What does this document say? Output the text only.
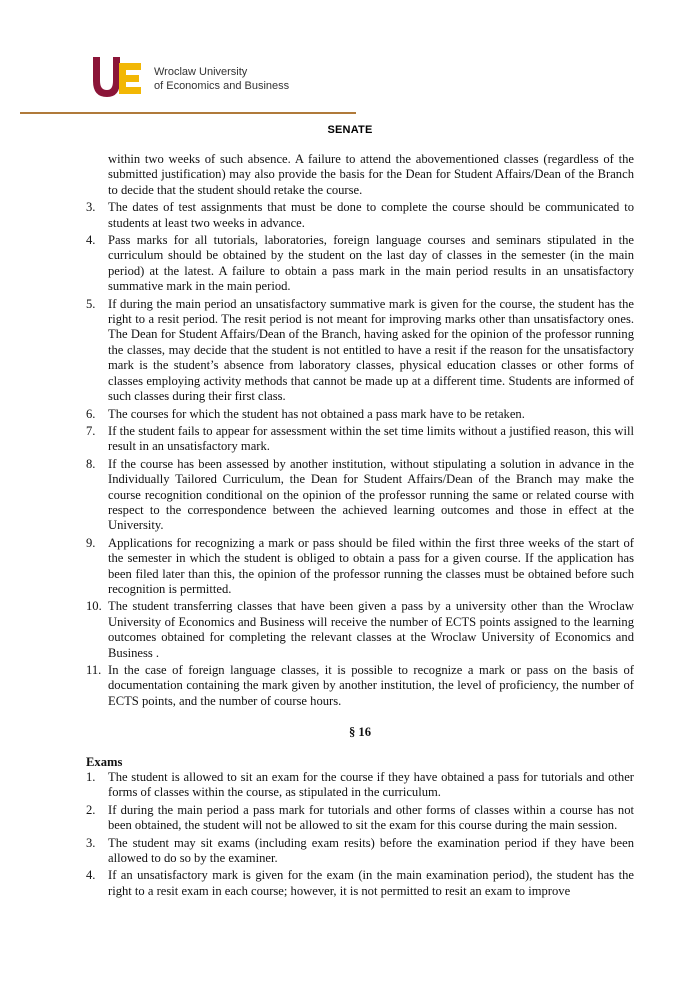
Wroclaw University
of Economics and Business
SENATE

within two weeks of such absence. A failure to attend the abovementioned classes (regardless of the submitted justification) may also provide the basis for the Dean for Student Affairs/Dean of the Branch to decide that the student should retake the course.

3. The dates of test assignments that must be done to complete the course should be communicated to students at least two weeks in advance.
4. Pass marks for all tutorials, laboratories, foreign language courses and seminars stipulated in the curriculum should be obtained by the student on the last day of classes in the semester (in the main period) at the latest. A failure to obtain a pass mark in the main period results in an unsatisfactory summative mark in the main period.
5. If during the main period an unsatisfactory summative mark is given for the course, the student has the right to a resit period. The resit period is not meant for improving marks other than unsatisfactory ones. The Dean for Student Affairs/Dean of the Branch, having asked for the opinion of the professor running the classes, may decide that the student is not entitled to have a resit if the reason for the unsatisfactory mark is the student’s absence from laboratory classes, physical education classes or other forms of classes employing activity methods that cannot be made up at a different time. Students are informed of such classes during their first class.
6. The courses for which the student has not obtained a pass mark have to be retaken.
7. If the student fails to appear for assessment within the set time limits without a justified reason, this will result in an unsatisfactory mark.
8. If the course has been assessed by another institution, without stipulating a solution in advance in the Individually Tailored Curriculum, the Dean for Student Affairs/Dean of the Branch may make the course recognition conditional on the opinion of the professor running the same or related course with respect to the correspondence between the achieved learning outcomes and those in effect at the University.
9. Applications for recognizing a mark or pass should be filed within the first three weeks of the start of the semester in which the student is obliged to obtain a pass for a given course. If the application has been filed later than this, the opinion of the professor running the classes must be obtained before such recognition is permitted.
10. The student transferring classes that have been given a pass by a university other than the Wroclaw University of Economics and Business will receive the number of ECTS points assigned to the learning outcomes obtained for completing the relevant classes at the Wroclaw University of Economics and Business .
11. In the case of foreign language classes, it is possible to recognize a mark or pass on the basis of documentation containing the mark given by another institution, the level of proficiency, the number of ECTS points, and the number of course hours.
§ 16
Exams
1. The student is allowed to sit an exam for the course if they have obtained a pass for tutorials and other forms of classes within the course, as stipulated in the curriculum.
2. If during the main period a pass mark for tutorials and other forms of classes within a course has not been obtained, the student will not be allowed to sit the exam for this course during the main session.
3. The student may sit exams (including exam resits) before the examination period if they have been allowed to do so by the examiner.
4. If an unsatisfactory mark is given for the exam (in the main examination period), the student has the right to a resit exam in each course; however, it is not permitted to resit an exam to improve
